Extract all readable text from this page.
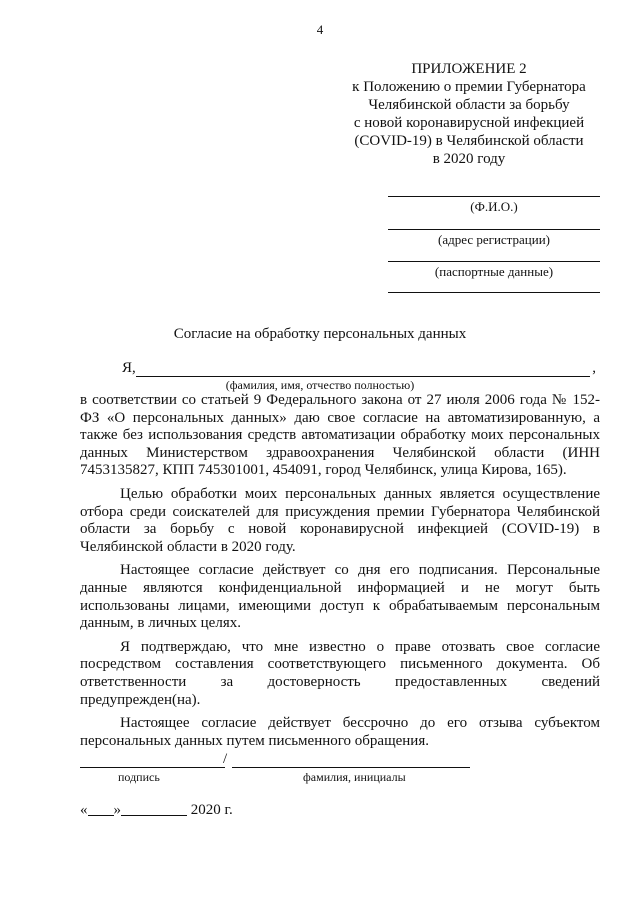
4
ПРИЛОЖЕНИЕ 2
к Положению о премии Губернатора
Челябинской области за борьбу
с новой коронавирусной инфекцией
(COVID-19) в Челябинской области
в 2020 году
(Ф.И.О.)
(адрес регистрации)
(паспортные данные)
Согласие на обработку персональных данных
Я,	,
(фамилия, имя, отчество полностью)

в соответствии со статьей 9 Федерального закона от 27 июля 2006 года № 152-ФЗ «О персональных данных» даю свое согласие на автоматизированную, а также без использования средств автоматизации обработку моих персональных данных Министерством здравоохранения Челябинской области (ИНН 7453135827, КПП 745301001, 454091, город Челябинск, улица Кирова, 165).

Целью обработки моих персональных данных является осуществление отбора среди соискателей для присуждения премии Губернатора Челябинской области за борьбу с новой коронавирусной инфекцией (COVID-19) в Челябинской области в 2020 году.

Настоящее согласие действует со дня его подписания. Персональные данные являются конфиденциальной информацией и не могут быть использованы лицами, имеющими доступ к обрабатываемым персональным данным, в личных целях.

Я подтверждаю, что мне известно о праве отозвать свое согласие посредством составления соответствующего письменного документа. Об ответственности за достоверность предоставленных сведений предупрежден(на).

Настоящее согласие действует бессрочно до его отзыва субъектом персональных данных путем письменного обращения.

/
подпись	фамилия, инициалы
« »	2020 г.
